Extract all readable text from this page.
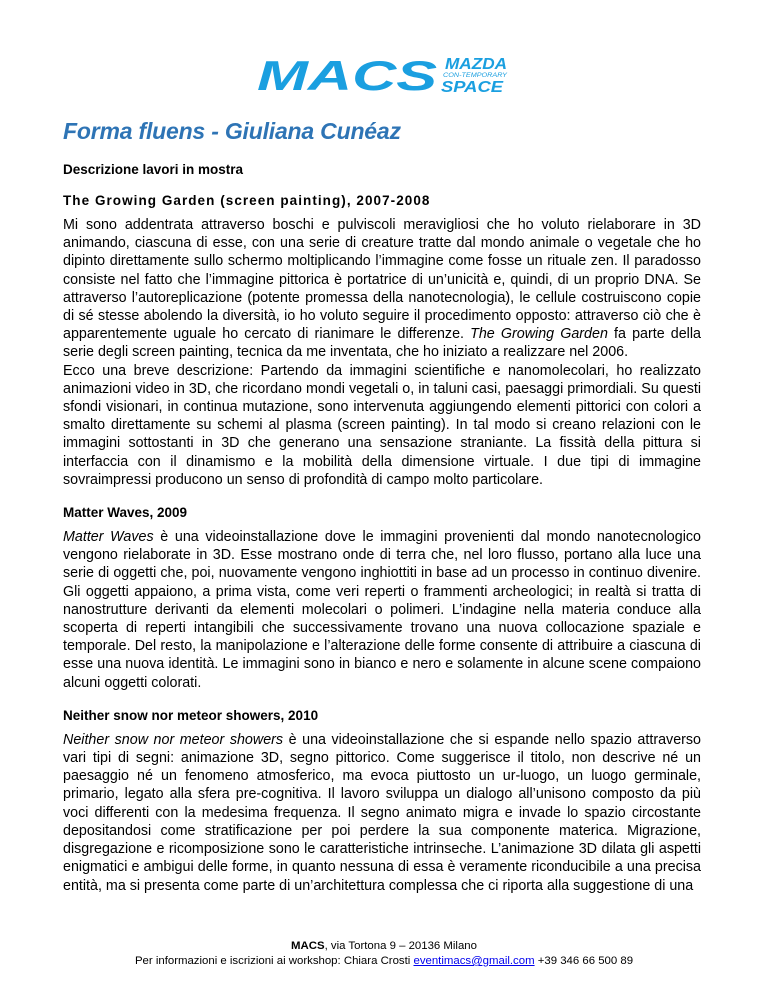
MACS MAZDA
CON-TEMPORARY
SPACE
Forma fluens - Giuliana Cunéaz
Descrizione lavori in mostra
The Growing Garden (screen painting), 2007-2008

Mi sono addentrata attraverso boschi e pulviscoli meravigliosi che ho voluto rielaborare in 3D animando, ciascuna di esse, con una serie di creature tratte dal mondo animale o vegetale che ho dipinto direttamente sullo schermo moltiplicando l’immagine come fosse un rituale zen. Il paradosso consiste nel fatto che l’immagine pittorica è portatrice di un’unicità e, quindi, di un proprio DNA. Se attraverso l’autoreplicazione (potente promessa della nanotecnologia), le cellule costruiscono copie di sé stesse abolendo la diversità, io ho voluto seguire il procedimento opposto: attraverso ciò che è apparentemente uguale ho cercato di rianimare le differenze. The Growing Garden fa parte della serie degli screen painting, tecnica da me inventata, che ho iniziato a realizzare nel 2006.

Ecco una breve descrizione: Partendo da immagini scientifiche e nanomolecolari, ho realizzato animazioni video in 3D, che ricordano mondi vegetali o, in taluni casi, paesaggi primordiali. Su questi sfondi visionari, in continua mutazione, sono intervenuta aggiungendo elementi pittorici con colori a smalto direttamente su schemi al plasma (screen painting). In tal modo si creano relazioni con le immagini sottostanti in 3D che generano una sensazione straniante. La fissità della pittura si interfaccia con il dinamismo e la mobilità della dimensione virtuale. I due tipi di immagine sovraimpressi producono un senso di profondità di campo molto particolare.

Matter Waves, 2009

Matter Waves è una videoinstallazione dove le immagini provenienti dal mondo nanotecnologico vengono rielaborate in 3D. Esse mostrano onde di terra che, nel loro flusso, portano alla luce una serie di oggetti che, poi, nuovamente vengono inghiottiti in base ad un processo in continuo divenire. Gli oggetti appaiono, a prima vista, come veri reperti o frammenti archeologici; in realtà si tratta di nanostrutture derivanti da elementi molecolari o polimeri. L’indagine nella materia conduce alla scoperta di reperti intangibili che successivamente trovano una nuova collocazione spaziale e temporale. Del resto, la manipolazione e l’alterazione delle forme consente di attribuire a ciascuna di esse una nuova identità. Le immagini sono in bianco e nero e solamente in alcune scene compaiono alcuni oggetti colorati.

Neither snow nor meteor showers, 2010

Neither snow nor meteor showers è una videoinstallazione che si espande nello spazio attraverso vari tipi di segni: animazione 3D, segno pittorico. Come suggerisce il titolo, non descrive né un paesaggio né un fenomeno atmosferico, ma evoca piuttosto un ur-luogo, un luogo germinale, primario, legato alla sfera pre-cognitiva. Il lavoro sviluppa un dialogo all’unisono composto da più voci differenti con la medesima frequenza. Il segno animato migra e invade lo spazio circostante depositandosi come stratificazione per poi perdere la sua componente materica. Migrazione, disgregazione e ricomposizione sono le caratteristiche intrinseche. L’animazione 3D dilata gli aspetti enigmatici e ambigui delle forme, in quanto nessuna di essa è veramente riconducibile a una precisa entità, ma si presenta come parte di un’architettura complessa che ci riporta alla suggestione di una

MACS, via Tortona 9 – 20136 Milano
Per informazioni e iscrizioni ai workshop: Chiara Crosti eventimacs@gmail.com +39 346 66 500 89
